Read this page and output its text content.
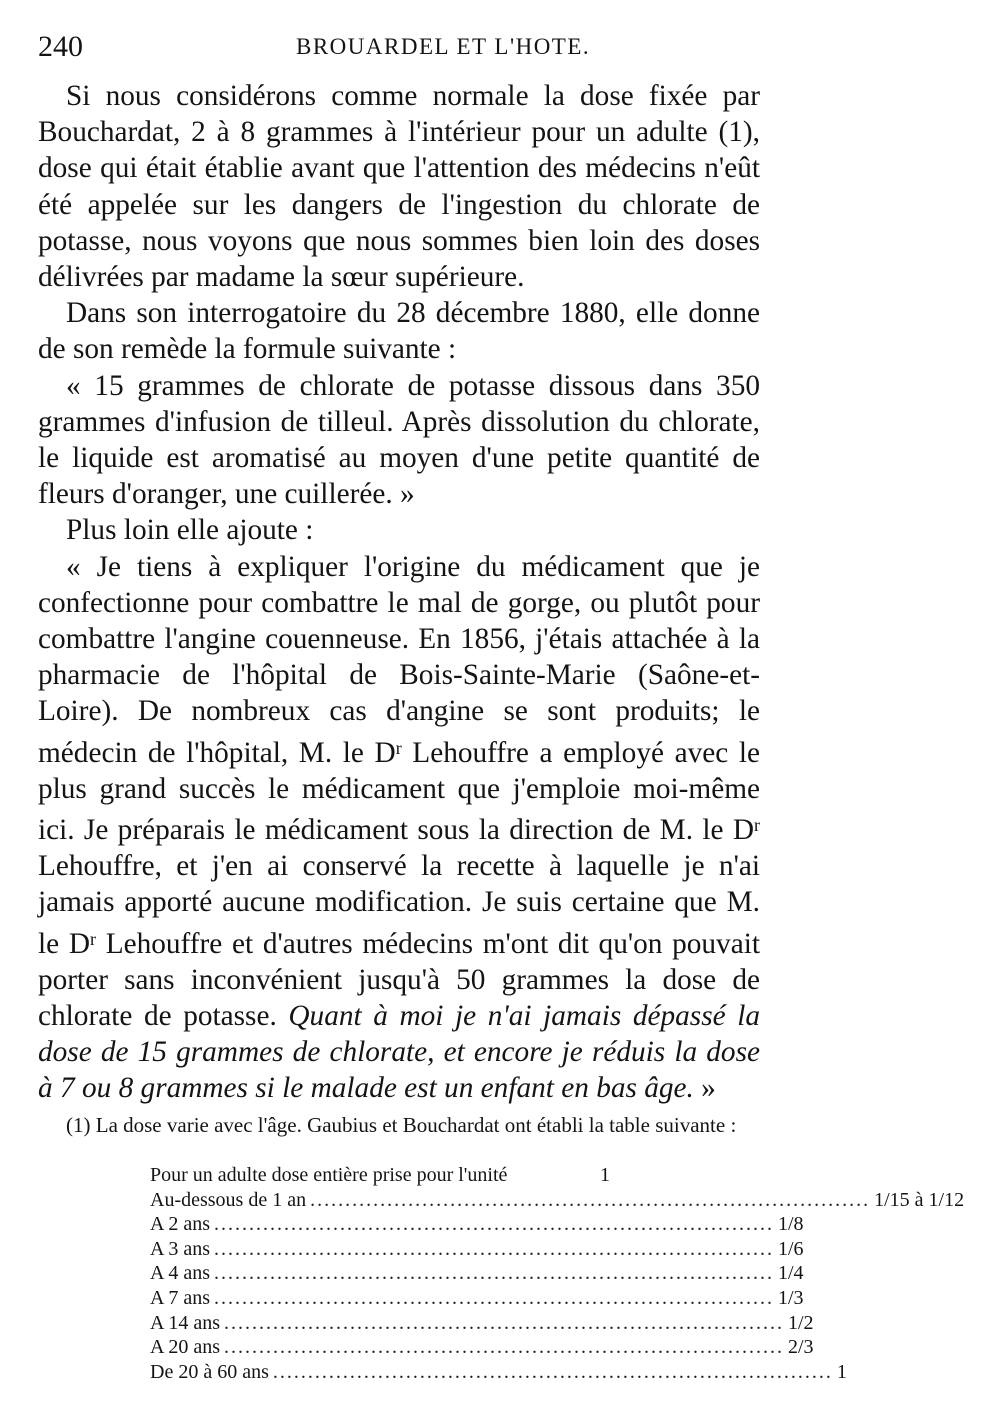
240	BROUARDEL ET L'HOTE.

Si nous considérons comme normale la dose fixée par Bouchardat, 2 à 8 grammes à l'intérieur pour un adulte (1), dose qui était établie avant que l'attention des médecins n'eût été appelée sur les dangers de l'ingestion du chlorate de potasse, nous voyons que nous sommes bien loin des doses délivrées par madame la sœur supérieure.

Dans son interrogatoire du 28 décembre 1880, elle donne de son remède la formule suivante :

« 15 grammes de chlorate de potasse dissous dans 350 grammes d'infusion de tilleul. Après dissolution du chlorate, le liquide est aromatisé au moyen d'une petite quantité de fleurs d'oranger, une cuillerée. »

Plus loin elle ajoute :

« Je tiens à expliquer l'origine du médicament que je confectionne pour combattre le mal de gorge, ou plutôt pour combattre l'angine couenneuse. En 1856, j'étais attachée à la pharmacie de l'hôpital de Bois-Sainte-Marie (Saône-et-Loire). De nombreux cas d'angine se sont produits; le médecin de l'hôpital, M. le $D^r$ Lehouffre a employé avec le plus grand succès le médicament que j'emploie moi-même ici. Je préparais le médicament sous la direction de M. le $D^r$ Lehouffre, et j'en ai conservé la recette à laquelle je n'ai jamais apporté aucune modification. Je suis certaine que M. le $D^r$ Lehouffre et d'autres médecins m'ont dit qu'on pouvait porter sans inconvénient jusqu'à 50 grammes la dose de chlorate de potasse. Quant à moi je n'ai jamais dépassé la dose de 15 grammes de chlorate, et encore je réduis la dose à 7 ou 8 grammes si le malade est un enfant en bas âge. »

(1) La dose varie avec l'âge. Gaubius et Bouchardat ont établi la table suivante :
Pour un adulte dose entière prise pour l'unité	1
Au-dessous de 1 an ................................................................................ 1/15 à 1/12
A 2 ans ................................................................................ 1/8
A 3 ans ................................................................................ 1/6
A 4 ans ................................................................................ 1/4
A 7 ans ................................................................................ 1/3
A 14 ans ................................................................................ 1/2
A 20 ans ................................................................................ 2/3
De 20 à 60 ans ................................................................................ 1
